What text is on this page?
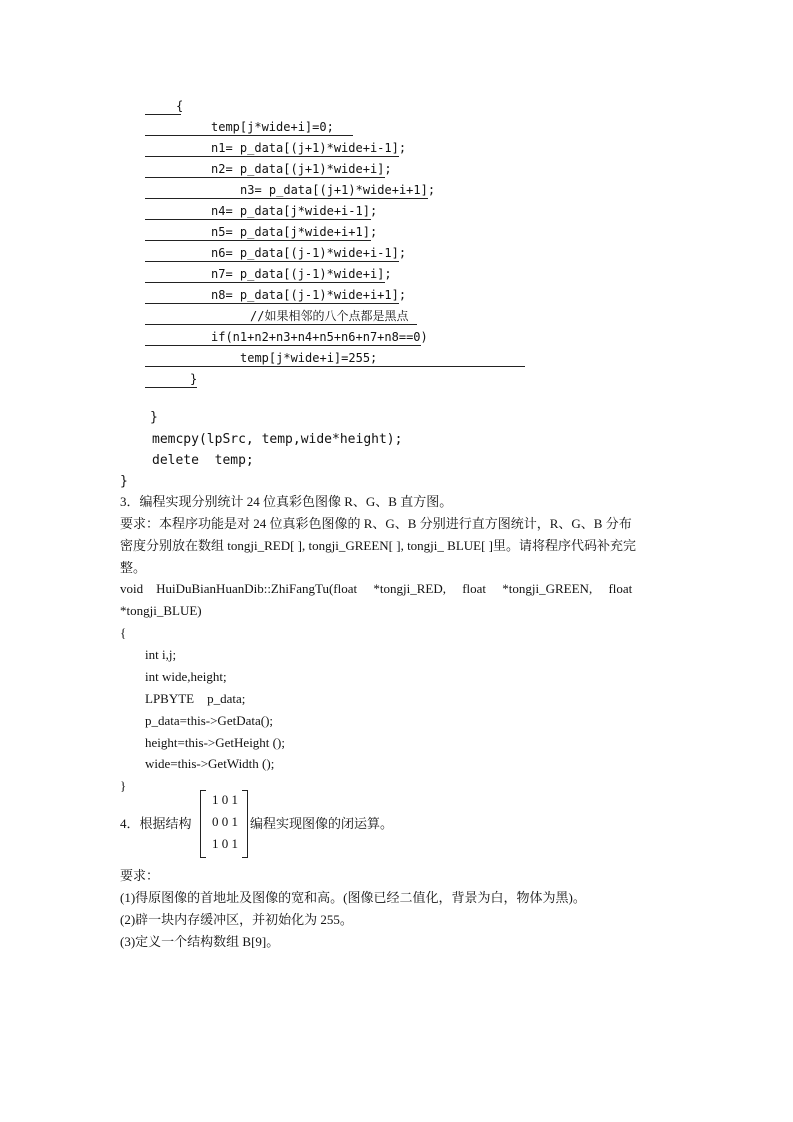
{
temp[j*wide+i]=0;
n1= p_data[(j+1)*wide+i-1];
n2= p_data[(j+1)*wide+i];
n3= p_data[(j+1)*wide+i+1];
n4= p_data[j*wide+i-1];
n5= p_data[j*wide+i+1];
n6= p_data[(j-1)*wide+i-1];
n7= p_data[(j-1)*wide+i];
n8= p_data[(j-1)*wide+i+1];
//如果相邻的八个点都是黑点
if(n1+n2+n3+n4+n5+n6+n7+n8==0)
temp[j*wide+i]=255;
}
}
memcpy(lpSrc, temp,wide*height);
delete  temp;
}
3．编程实现分别统计 24 位真彩色图像 R、G、B 直方图。
要求：本程序功能是对 24 位真彩色图像的 R、G、B 分别进行直方图统计，R、G、B 分布
密度分别放在数组 tongji_RED[ ], tongji_GREEN[ ], tongji_ BLUE[ ]里。请将程序代码补充完
整。
void    HuiDuBianHuanDib::ZhiFangTu(float     *tongji_RED,     float     *tongji_GREEN,     float
*tongji_BLUE)
{
int i,j;
int wide,height;
LPBYTE    p_data;
p_data=this->GetData();
height=this->GetHeight ();
wide=this->GetWidth ();
}
4．根据结构
1 0 1
0 0 1
1 0 1
编程实现图像的闭运算。
要求：
(1)得原图像的首地址及图像的宽和高。(图像已经二值化，背景为白，物体为黑)。
(2)辟一块内存缓冲区，并初始化为 255。
(3)定义一个结构数组 B[9]。
